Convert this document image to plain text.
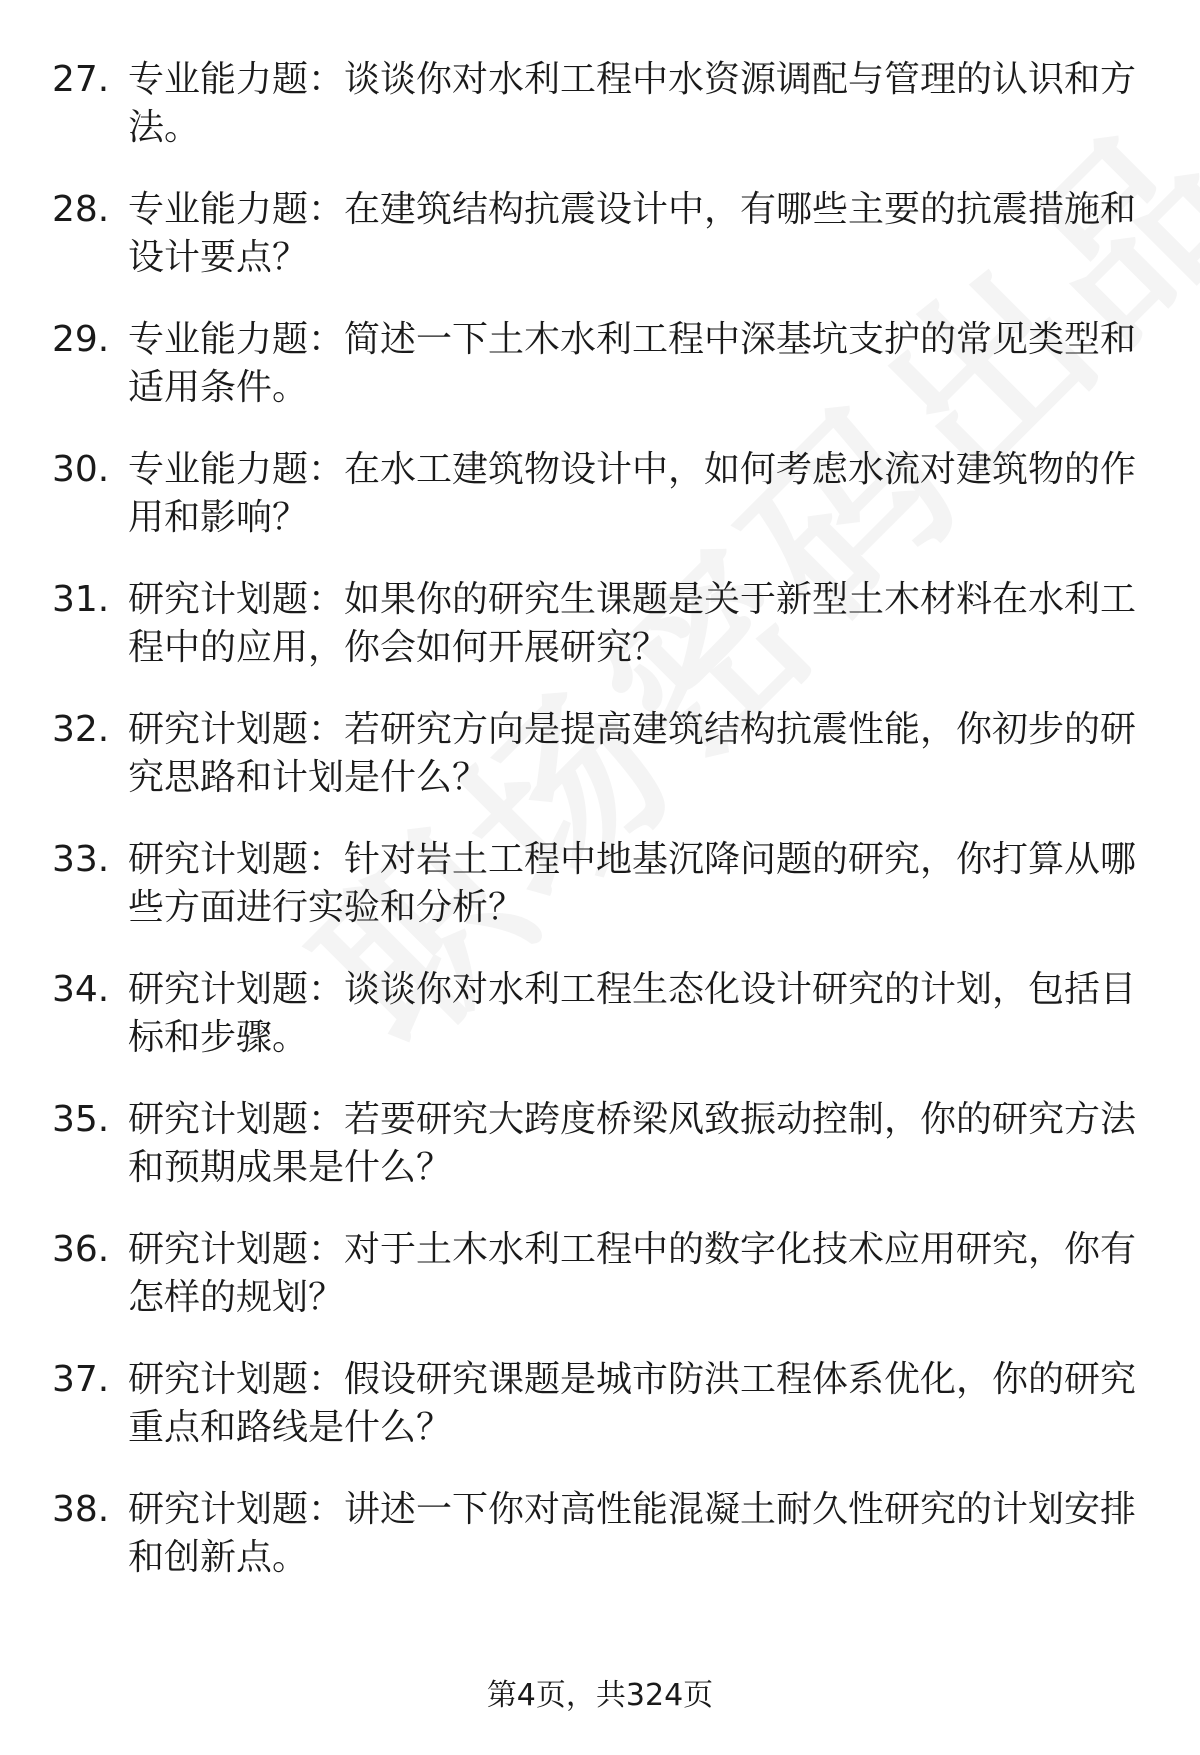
27. 专业能力题：谈谈你对水利工程中水资源调配与管理的认识和方法。
28. 专业能力题：在建筑结构抗震设计中，有哪些主要的抗震措施和设计要点？
29. 专业能力题：简述一下土木水利工程中深基坑支护的常见类型和适用条件。
30. 专业能力题：在水工建筑物设计中，如何考虑水流对建筑物的作用和影响？
31. 研究计划题：如果你的研究生课题是关于新型土木材料在水利工程中的应用，你会如何开展研究？
32. 研究计划题：若研究方向是提高建筑结构抗震性能，你初步的研究思路和计划是什么？
33. 研究计划题：针对岩土工程中地基沉降问题的研究，你打算从哪些方面进行实验和分析？
34. 研究计划题：谈谈你对水利工程生态化设计研究的计划，包括目标和步骤。
35. 研究计划题：若要研究大跨度桥梁风致振动控制，你的研究方法和预期成果是什么？
36. 研究计划题：对于土木水利工程中的数字化技术应用研究，你有怎样的规划？
37. 研究计划题：假设研究课题是城市防洪工程体系优化，你的研究重点和路线是什么？
38. 研究计划题：讲述一下你对高性能混凝土耐久性研究的计划安排和创新点。
第4页，共324页
